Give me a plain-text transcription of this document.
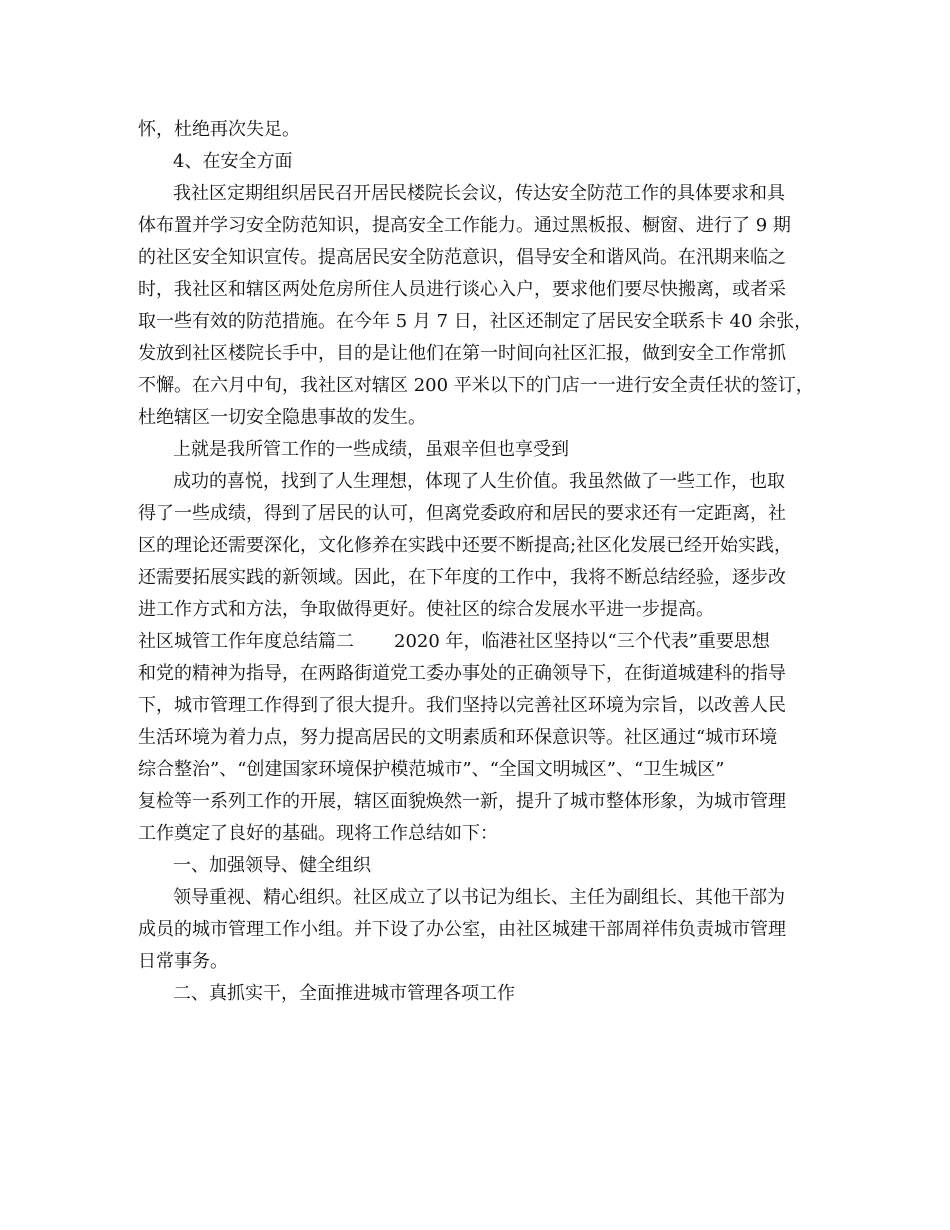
怀，杜绝再次失足。
4、在安全方面
我社区定期组织居民召开居民楼院长会议，传达安全防范工作的具体要求和具
体布置并学习安全防范知识，提高安全工作能力。通过黑板报、橱窗、进行了 9 期
的社区安全知识宣传。提高居民安全防范意识，倡导安全和谐风尚。在汛期来临之
时，我社区和辖区两处危房所住人员进行谈心入户，要求他们要尽快搬离，或者采
取一些有效的防范措施。在今年 5 月 7 日，社区还制定了居民安全联系卡 40 余张，
发放到社区楼院长手中，目的是让他们在第一时间向社区汇报，做到安全工作常抓
不懈。在六月中旬，我社区对辖区 200 平米以下的门店一一进行安全责任状的签订，
杜绝辖区一切安全隐患事故的发生。
上就是我所管工作的一些成绩，虽艰辛但也享受到
成功的喜悦，找到了人生理想，体现了人生价值。我虽然做了一些工作，也取
得了一些成绩，得到了居民的认可，但离党委政府和居民的要求还有一定距离，社
区的理论还需要深化，文化修养在实践中还要不断提高;社区化发展已经开始实践，
还需要拓展实践的新领域。因此，在下年度的工作中，我将不断总结经验，逐步改
进工作方式和方法，争取做得更好。使社区的综合发展水平进一步提高。
社区城管工作年度总结篇二 2020 年，临港社区坚持以“三个代表”重要思想
和党的精神为指导，在两路街道党工委办事处的正确领导下，在街道城建科的指导
下，城市管理工作得到了很大提升。我们坚持以完善社区环境为宗旨，以改善人民
生活环境为着力点，努力提高居民的文明素质和环保意识等。社区通过“城市环境
综合整治”、“创建国家环境保护模范城市”、“全国文明城区”、“卫生城区”
复检等一系列工作的开展，辖区面貌焕然一新，提升了城市整体形象，为城市管理
工作奠定了良好的基础。现将工作总结如下：
一、加强领导、健全组织
领导重视、精心组织。社区成立了以书记为组长、主任为副组长、其他干部为
成员的城市管理工作小组。并下设了办公室，由社区城建干部周祥伟负责城市管理
日常事务。
二、真抓实干，全面推进城市管理各项工作
